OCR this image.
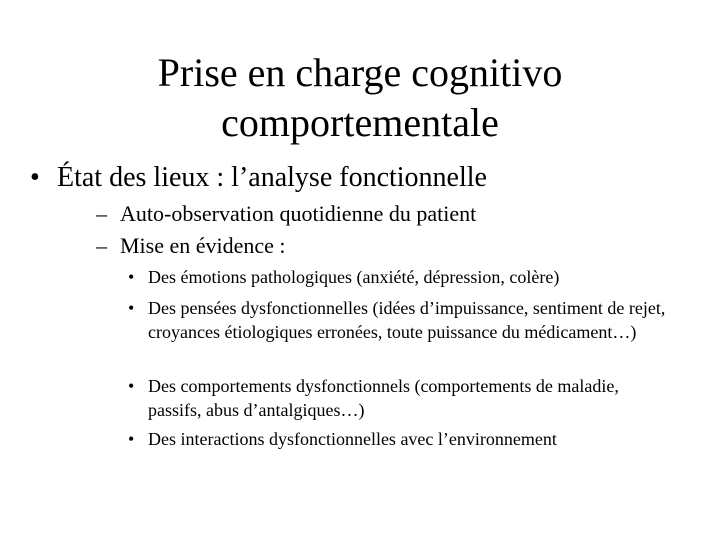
Prise en charge cognitivo
comportementale
• État des lieux : l’analyse fonctionnelle
– Auto-observation quotidienne du patient
– Mise en évidence :
• Des émotions pathologiques (anxiété, dépression, colère)
• Des pensées dysfonctionnelles (idées d’impuissance, sentiment de rejet, croyances étiologiques erronées, toute puissance du médicament…)
• Des comportements dysfonctionnels (comportements de maladie, passifs, abus d’antalgiques…)
• Des interactions dysfonctionnelles avec l’environnement
